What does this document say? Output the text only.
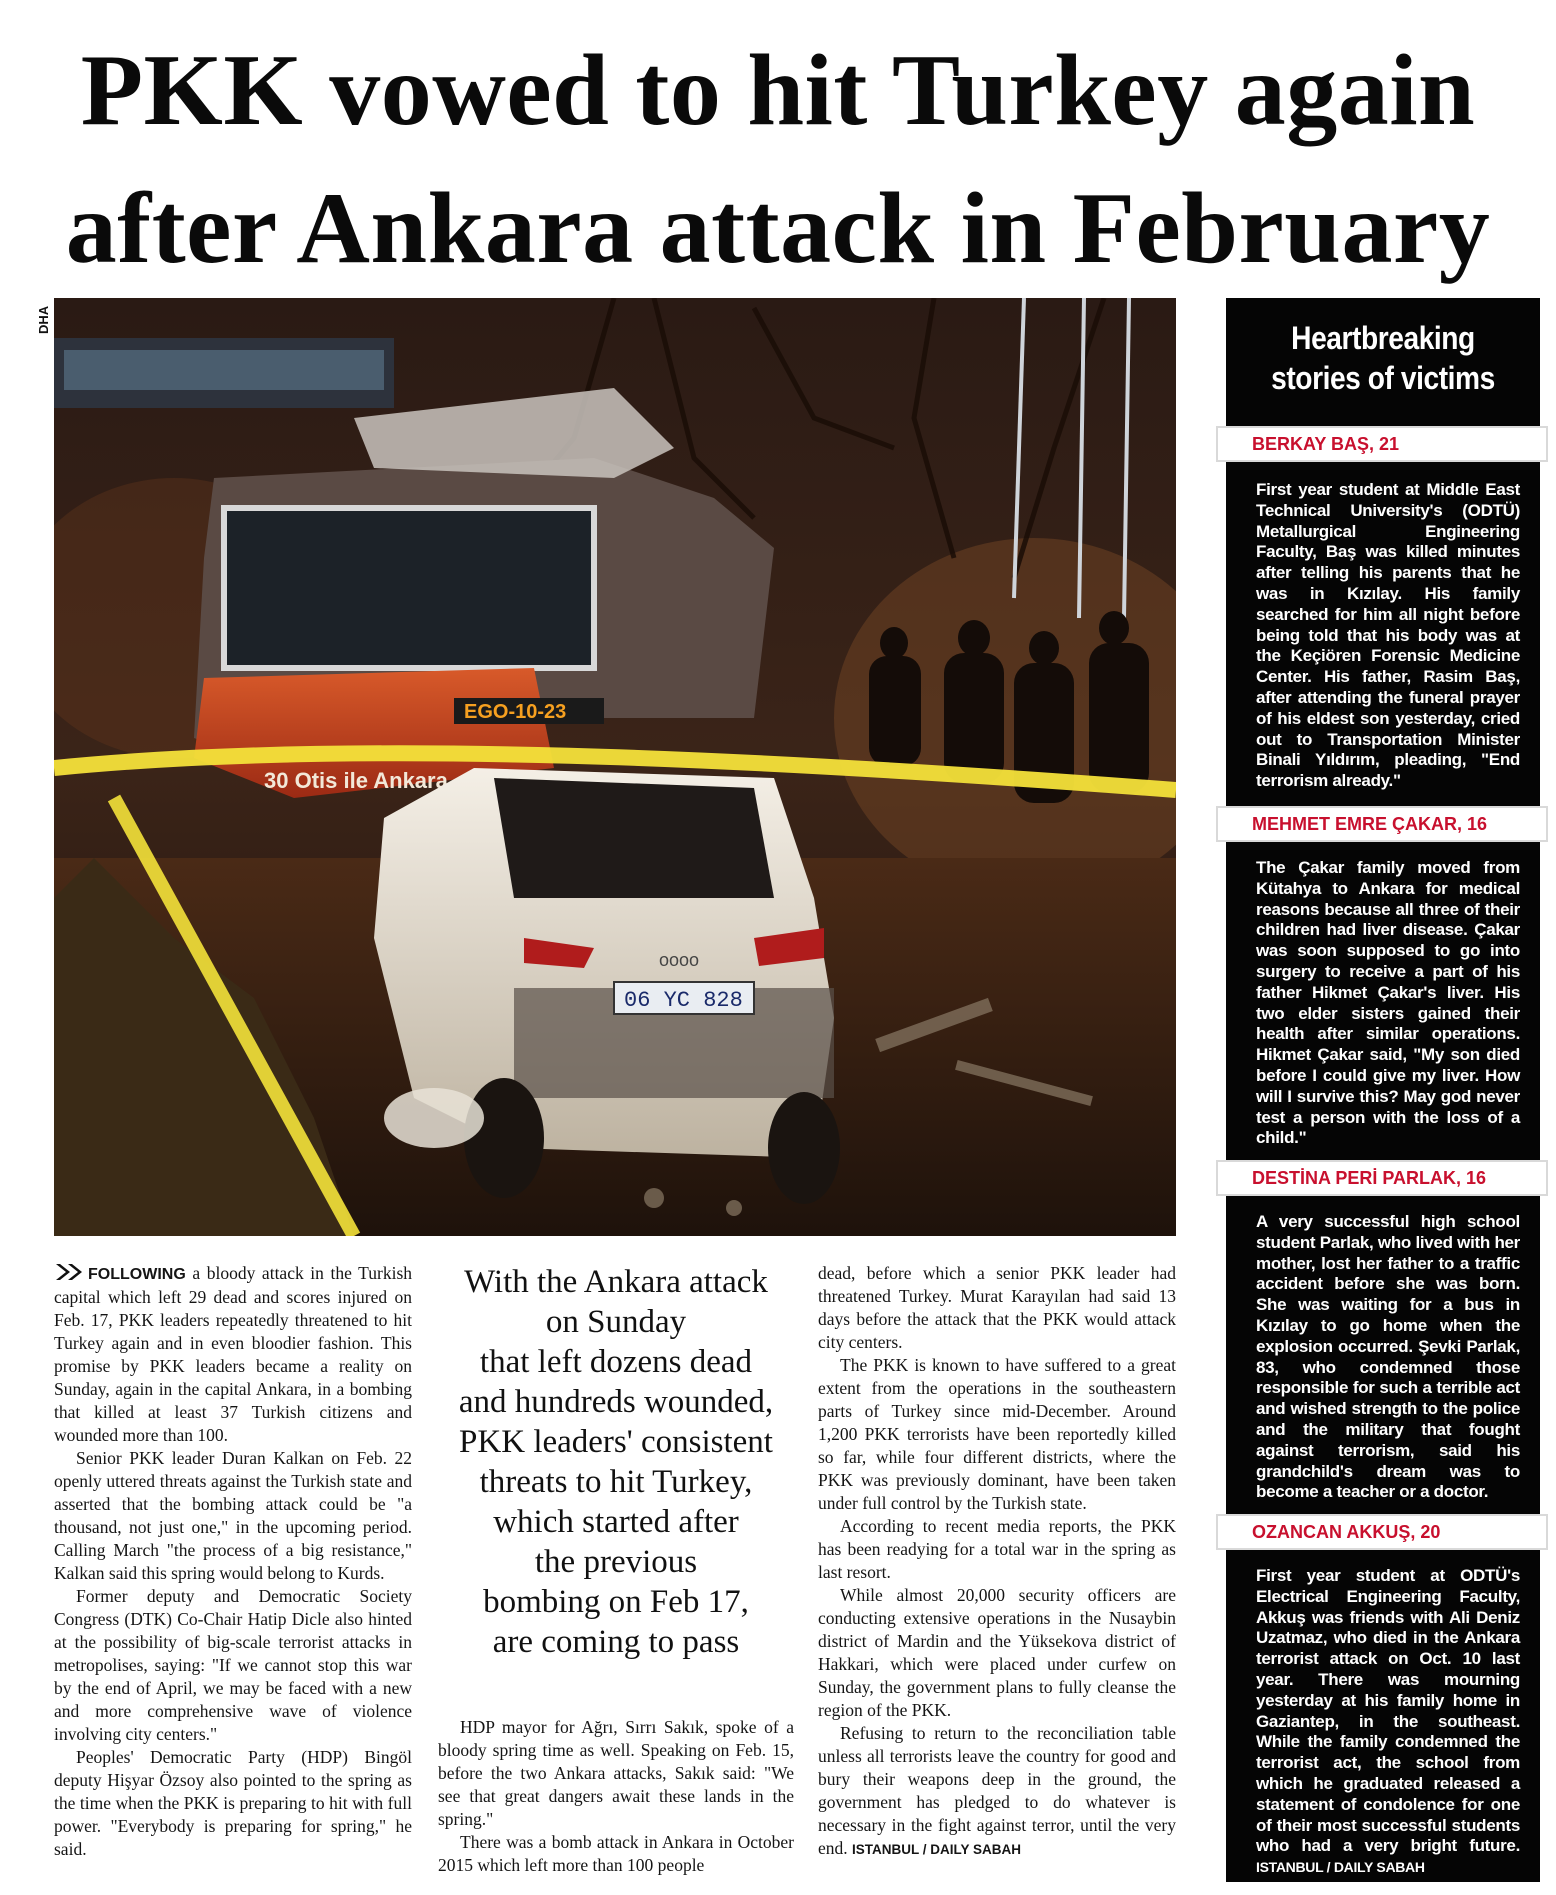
PKK vowed to hit Turkey again
after Ankara attack in February
DHA
EGO-10-23
30 Otis ile Ankara
06 YC 828
oooo

FOLLOWING a bloody attack in the Turkish capital which left 29 dead and scores injured on Feb. 17, PKK leaders repeatedly threatened to hit Turkey again and in even bloodier fashion. This promise by PKK leaders became a reality on Sunday, again in the capital Ankara, in a bombing that killed at least 37 Turkish citizens and wounded more than 100.

Senior PKK leader Duran Kalkan on Feb. 22 openly uttered threats against the Turkish state and asserted that the bombing attack could be "a thousand, not just one," in the upcoming period. Calling March "the process of a big resistance," Kalkan said this spring would belong to Kurds.

Former deputy and Democratic Society Congress (DTK) Co-Chair Hatip Dicle also hinted at the possibility of big-scale terrorist attacks in metropolises, saying: "If we cannot stop this war by the end of April, we may be faced with a new and more comprehensive wave of violence involving city centers."

Peoples' Democratic Party (HDP) Bingöl deputy Hişyar Özsoy also pointed to the spring as the time when the PKK is preparing to hit with full power. "Everybody is preparing for spring," he said.

With the Ankara attack
on Sunday
that left dozens dead
and hundreds wounded,
PKK leaders' consistent
threats to hit Turkey,
which started after
the previous
bombing on Feb 17,
are coming to pass

HDP mayor for Ağrı, Sırrı Sakık, spoke of a bloody spring time as well. Speaking on Feb. 15, before the two Ankara attacks, Sakık said: "We see that great dangers await these lands in the spring."

There was a bomb attack in Ankara in October 2015 which left more than 100 people

dead, before which a senior PKK leader had threatened Turkey. Murat Karayılan had said 13 days before the attack that the PKK would attack city centers.

The PKK is known to have suffered to a great extent from the operations in the southeastern parts of Turkey since mid-December. Around 1,200 PKK terrorists have been reportedly killed so far, while four different districts, where the PKK was previously dominant, have been taken under full control by the Turkish state.

According to recent media reports, the PKK has been readying for a total war in the spring as last resort.

While almost 20,000 security officers are conducting extensive operations in the Nusaybin district of Mardin and the Yüksekova district of Hakkari, which were placed under curfew on Sunday, the government plans to fully cleanse the region of the PKK.

Refusing to return to the reconciliation table unless all terrorists leave the country for good and bury their weapons deep in the ground, the government has pledged to do whatever is necessary in the fight against terror, until the very end. ISTANBUL / DAILY SABAH

Heartbreaking
stories of victims
BERKAY BAŞ, 21
First year student at Middle East Technical University's (ODTÜ) Metallurgical Engineering Faculty, Baş was killed minutes after telling his parents that he was in Kızılay. His family searched for him all night before being told that his body was at the Keçiören Forensic Medicine Center. His father, Rasim Baş, after attending the funeral prayer of his eldest son yesterday, cried out to Transportation Minister Binali Yıldırım, pleading, "End terrorism already."
MEHMET EMRE ÇAKAR, 16
The Çakar family moved from Kütahya to Ankara for medical reasons because all three of their children had liver disease. Çakar was soon supposed to go into surgery to receive a part of his father Hikmet Çakar's liver. His two elder sisters gained their health after similar operations. Hikmet Çakar said, "My son died before I could give my liver. How will I survive this? May god never test a person with the loss of a child."
DESTİNA PERİ PARLAK, 16
A very successful high school student Parlak, who lived with her mother, lost her father to a traffic accident before she was born. She was waiting for a bus in Kızılay to go home when the explosion occurred. Şevki Parlak, 83, who condemned those responsible for such a terrible act and wished strength to the police and the military that fought against terrorism, said his grandchild's dream was to become a teacher or a doctor.
OZANCAN AKKUŞ, 20
First year student at ODTÜ's Electrical Engineering Faculty, Akkuş was friends with Ali Deniz Uzatmaz, who died in the Ankara terrorist attack on Oct. 10 last year. There was mourning yesterday at his family home in Gaziantep, in the southeast. While the family condemned the terrorist act, the school from which he graduated released a statement of condolence for one of their most successful students who had a very bright future. ISTANBUL / DAILY SABAH
